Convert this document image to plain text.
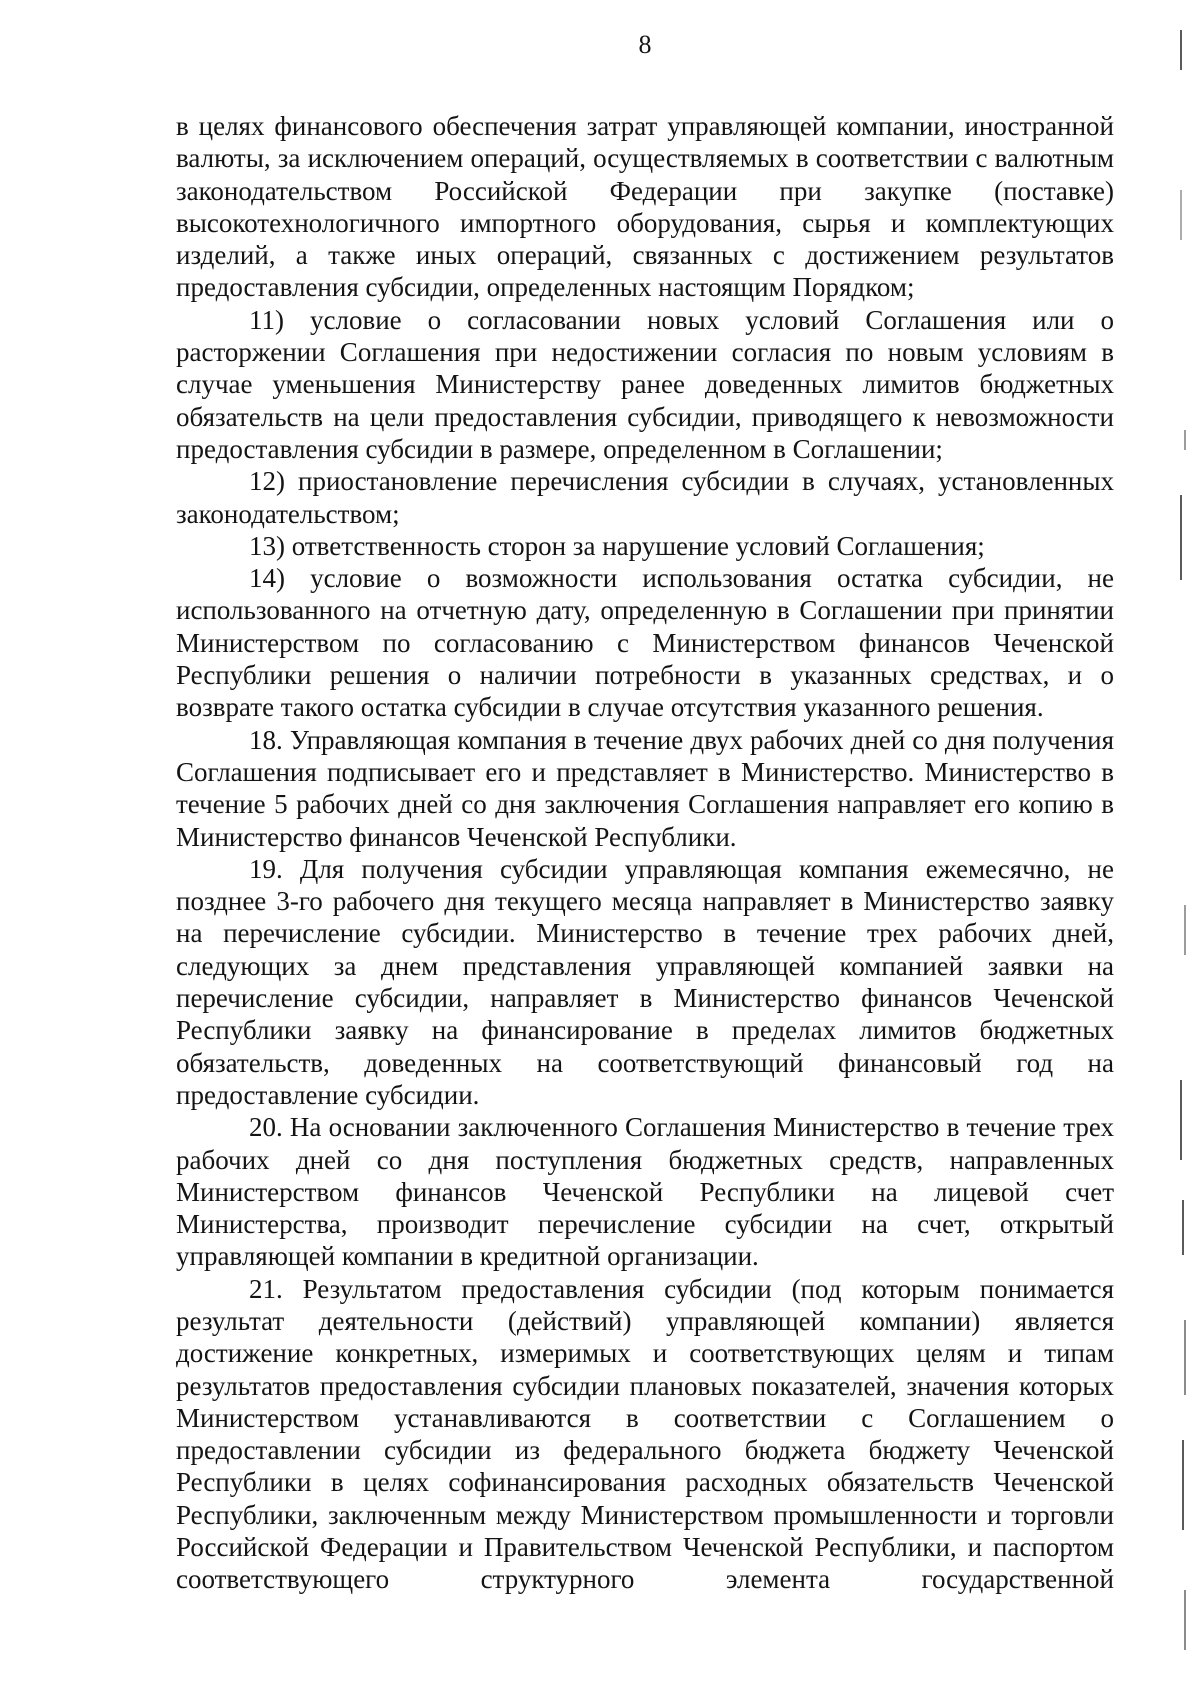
8

в целях финансового обеспечения затрат управляющей компании, иностранной валюты, за исключением операций, осуществляемых в соответствии с валютным законодательством Российской Федерации при закупке (поставке) высокотехнологичного импортного оборудования, сырья и комплектующих изделий, а также иных операций, связанных с достижением результатов предоставления субсидии, определенных настоящим Порядком;

11) условие о согласовании новых условий Соглашения или о расторжении Соглашения при недостижении согласия по новым условиям в случае уменьшения Министерству ранее доведенных лимитов бюджетных обязательств на цели предоставления субсидии, приводящего к невозможности предоставления субсидии в размере, определенном в Соглашении;

12) приостановление перечисления субсидии в случаях, установленных законодательством;

13) ответственность сторон за нарушение условий Соглашения;

14) условие о возможности использования остатка субсидии, не использованного на отчетную дату, определенную в Соглашении при принятии Министерством по согласованию с Министерством финансов Чеченской Республики решения о наличии потребности в указанных средствах, и о возврате такого остатка субсидии в случае отсутствия указанного решения.

18. Управляющая компания в течение двух рабочих дней со дня получения Соглашения подписывает его и представляет в Министерство. Министерство в течение 5 рабочих дней со дня заключения Соглашения направляет его копию в Министерство финансов Чеченской Республики.

19. Для получения субсидии управляющая компания ежемесячно, не позднее 3-го рабочего дня текущего месяца направляет в Министерство заявку на перечисление субсидии. Министерство в течение трех рабочих дней, следующих за днем представления управляющей компанией заявки на перечисление субсидии, направляет в Министерство финансов Чеченской Республики заявку на финансирование в пределах лимитов бюджетных обязательств, доведенных на соответствующий финансовый год на предоставление субсидии.

20. На основании заключенного Соглашения Министерство в течение трех рабочих дней со дня поступления бюджетных средств, направленных Министерством финансов Чеченской Республики на лицевой счет Министерства, производит перечисление субсидии на счет, открытый управляющей компании в кредитной организации.

21. Результатом предоставления субсидии (под которым понимается результат деятельности (действий) управляющей компании) является достижение конкретных, измеримых и соответствующих целям и типам результатов предоставления субсидии плановых показателей, значения которых Министерством устанавливаются в соответствии с Соглашением о предоставлении субсидии из федерального бюджета бюджету Чеченской Республики в целях софинансирования расходных обязательств Чеченской Республики, заключенным между Министерством промышленности и торговли Российской Федерации и Правительством Чеченской Республики, и паспортом соответствующего структурного элемента государственной
